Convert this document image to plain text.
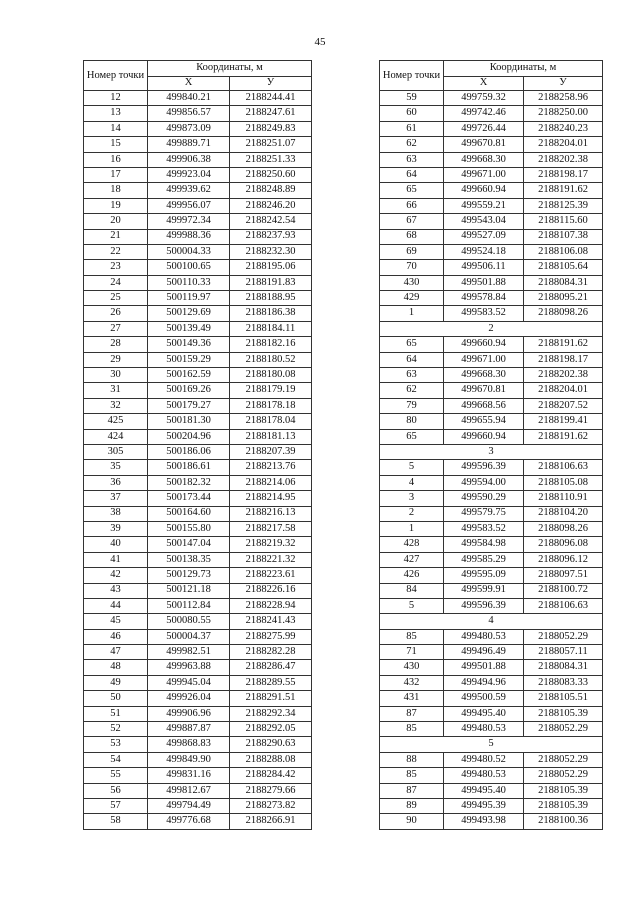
45
Номер точки	Координаты, м	
	X	У
12	499840.21	2188244.41
13	499856.57	2188247.61
14	499873.09	2188249.83
15	499889.71	2188251.07
16	499906.38	2188251.33
17	499923.04	2188250.60
18	499939.62	2188248.89
19	499956.07	2188246.20
20	499972.34	2188242.54
21	499988.36	2188237.93
22	500004.33	2188232.30
23	500100.65	2188195.06
24	500110.33	2188191.83
25	500119.97	2188188.95
26	500129.69	2188186.38
27	500139.49	2188184.11
28	500149.36	2188182.16
29	500159.29	2188180.52
30	500162.59	2188180.08
31	500169.26	2188179.19
32	500179.27	2188178.18
425	500181.30	2188178.04
424	500204.96	2188181.13
305	500186.06	2188207.39
35	500186.61	2188213.76
36	500182.32	2188214.06
37	500173.44	2188214.95
38	500164.60	2188216.13
39	500155.80	2188217.58
40	500147.04	2188219.32
41	500138.35	2188221.32
42	500129.73	2188223.61
43	500121.18	2188226.16
44	500112.84	2188228.94
45	500080.55	2188241.43
46	500004.37	2188275.99
47	499982.51	2188282.28
48	499963.88	2188286.47
49	499945.04	2188289.55
50	499926.04	2188291.51
51	499906.96	2188292.34
52	499887.87	2188292.05
53	499868.83	2188290.63
54	499849.90	2188288.08
55	499831.16	2188284.42
56	499812.67	2188279.66
57	499794.49	2188273.82
58	499776.68	2188266.91
Номер точки	Координаты, м	
	X	У
59	499759.32	2188258.96
60	499742.46	2188250.00
61	499726.44	2188240.23
62	499670.81	2188204.01
63	499668.30	2188202.38
64	499671.00	2188198.17
65	499660.94	2188191.62
66	499559.21	2188125.39
67	499543.04	2188115.60
68	499527.09	2188107.38
69	499524.18	2188106.08
70	499506.11	2188105.64
430	499501.88	2188084.31
429	499578.84	2188095.21
1	499583.52	2188098.26
2		
65	499660.94	2188191.62
64	499671.00	2188198.17
63	499668.30	2188202.38
62	499670.81	2188204.01
79	499668.56	2188207.52
80	499655.94	2188199.41
65	499660.94	2188191.62
3		
5	499596.39	2188106.63
4	499594.00	2188105.08
3	499590.29	2188110.91
2	499579.75	2188104.20
1	499583.52	2188098.26
428	499584.98	2188096.08
427	499585.29	2188096.12
426	499595.09	2188097.51
84	499599.91	2188100.72
5	499596.39	2188106.63
4		
85	499480.53	2188052.29
71	499496.49	2188057.11
430	499501.88	2188084.31
432	499494.96	2188083.33
431	499500.59	2188105.51
87	499495.40	2188105.39
85	499480.53	2188052.29
5		
88	499480.52	2188052.29
85	499480.53	2188052.29
87	499495.40	2188105.39
89	499495.39	2188105.39
90	499493.98	2188100.36
